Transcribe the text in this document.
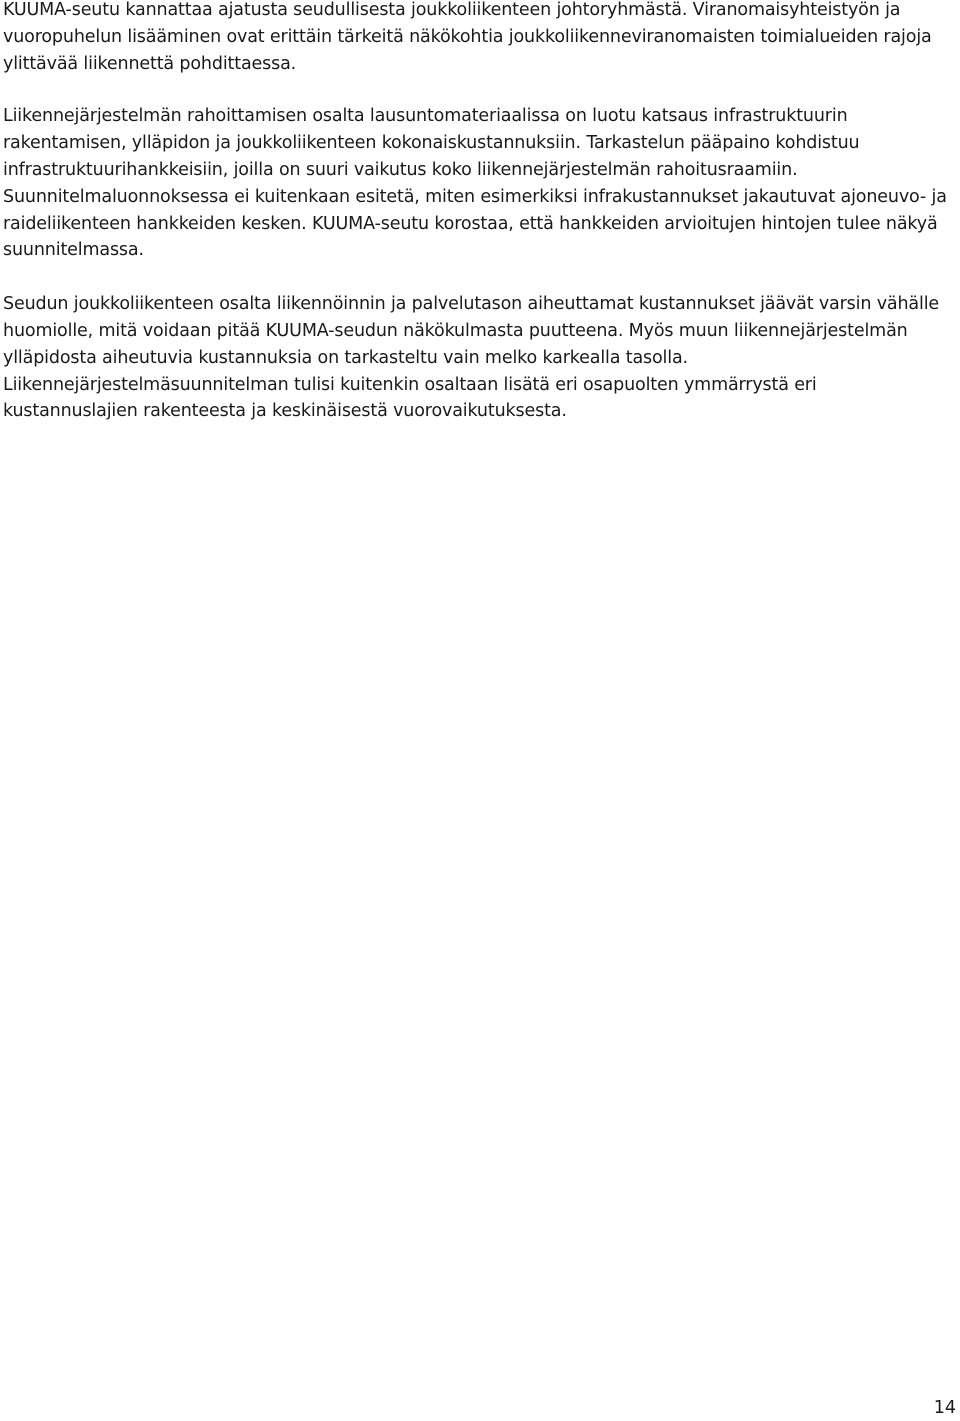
KUUMA-seutu kannattaa ajatusta seudullisesta joukkoliikenteen johtoryhmästä. Viranomaisyhteistyön ja vuoropuhelun lisääminen ovat erittäin tärkeitä näkökohtia joukkoliikenneviranomaisten toimialueiden rajoja ylittävää liikennettä pohdittaessa.

Liikennejärjestelmän rahoittamisen osalta lausuntomateriaalissa on luotu katsaus infrastruktuurin rakentamisen, ylläpidon ja joukkoliikenteen kokonaiskustannuksiin. Tarkastelun pääpaino kohdistuu infrastruktuurihankkeisiin, joilla on suuri vaikutus koko liikennejärjestelmän rahoitusraamiin. Suunnitelmaluonnoksessa ei kuitenkaan esitetä, miten esimerkiksi infrakustannukset jakautuvat ajoneuvo- ja raideliikenteen hankkeiden kesken. KUUMA-seutu korostaa, että hankkeiden arvioitujen hintojen tulee näkyä suunnitelmassa.

Seudun joukkoliikenteen osalta liikennöinnin ja palvelutason aiheuttamat kustannukset jäävät varsin vähälle huomiolle, mitä voidaan pitää KUUMA-seudun näkökulmasta puutteena. Myös muun liikennejärjestelmän ylläpidosta aiheutuvia kustannuksia on tarkasteltu vain melko karkealla tasolla. Liikennejärjestelmäsuunnitelman tulisi kuitenkin osaltaan lisätä eri osapuolten ymmärrystä eri kustannuslajien rakenteesta ja keskinäisestä vuorovaikutuksesta.

14
